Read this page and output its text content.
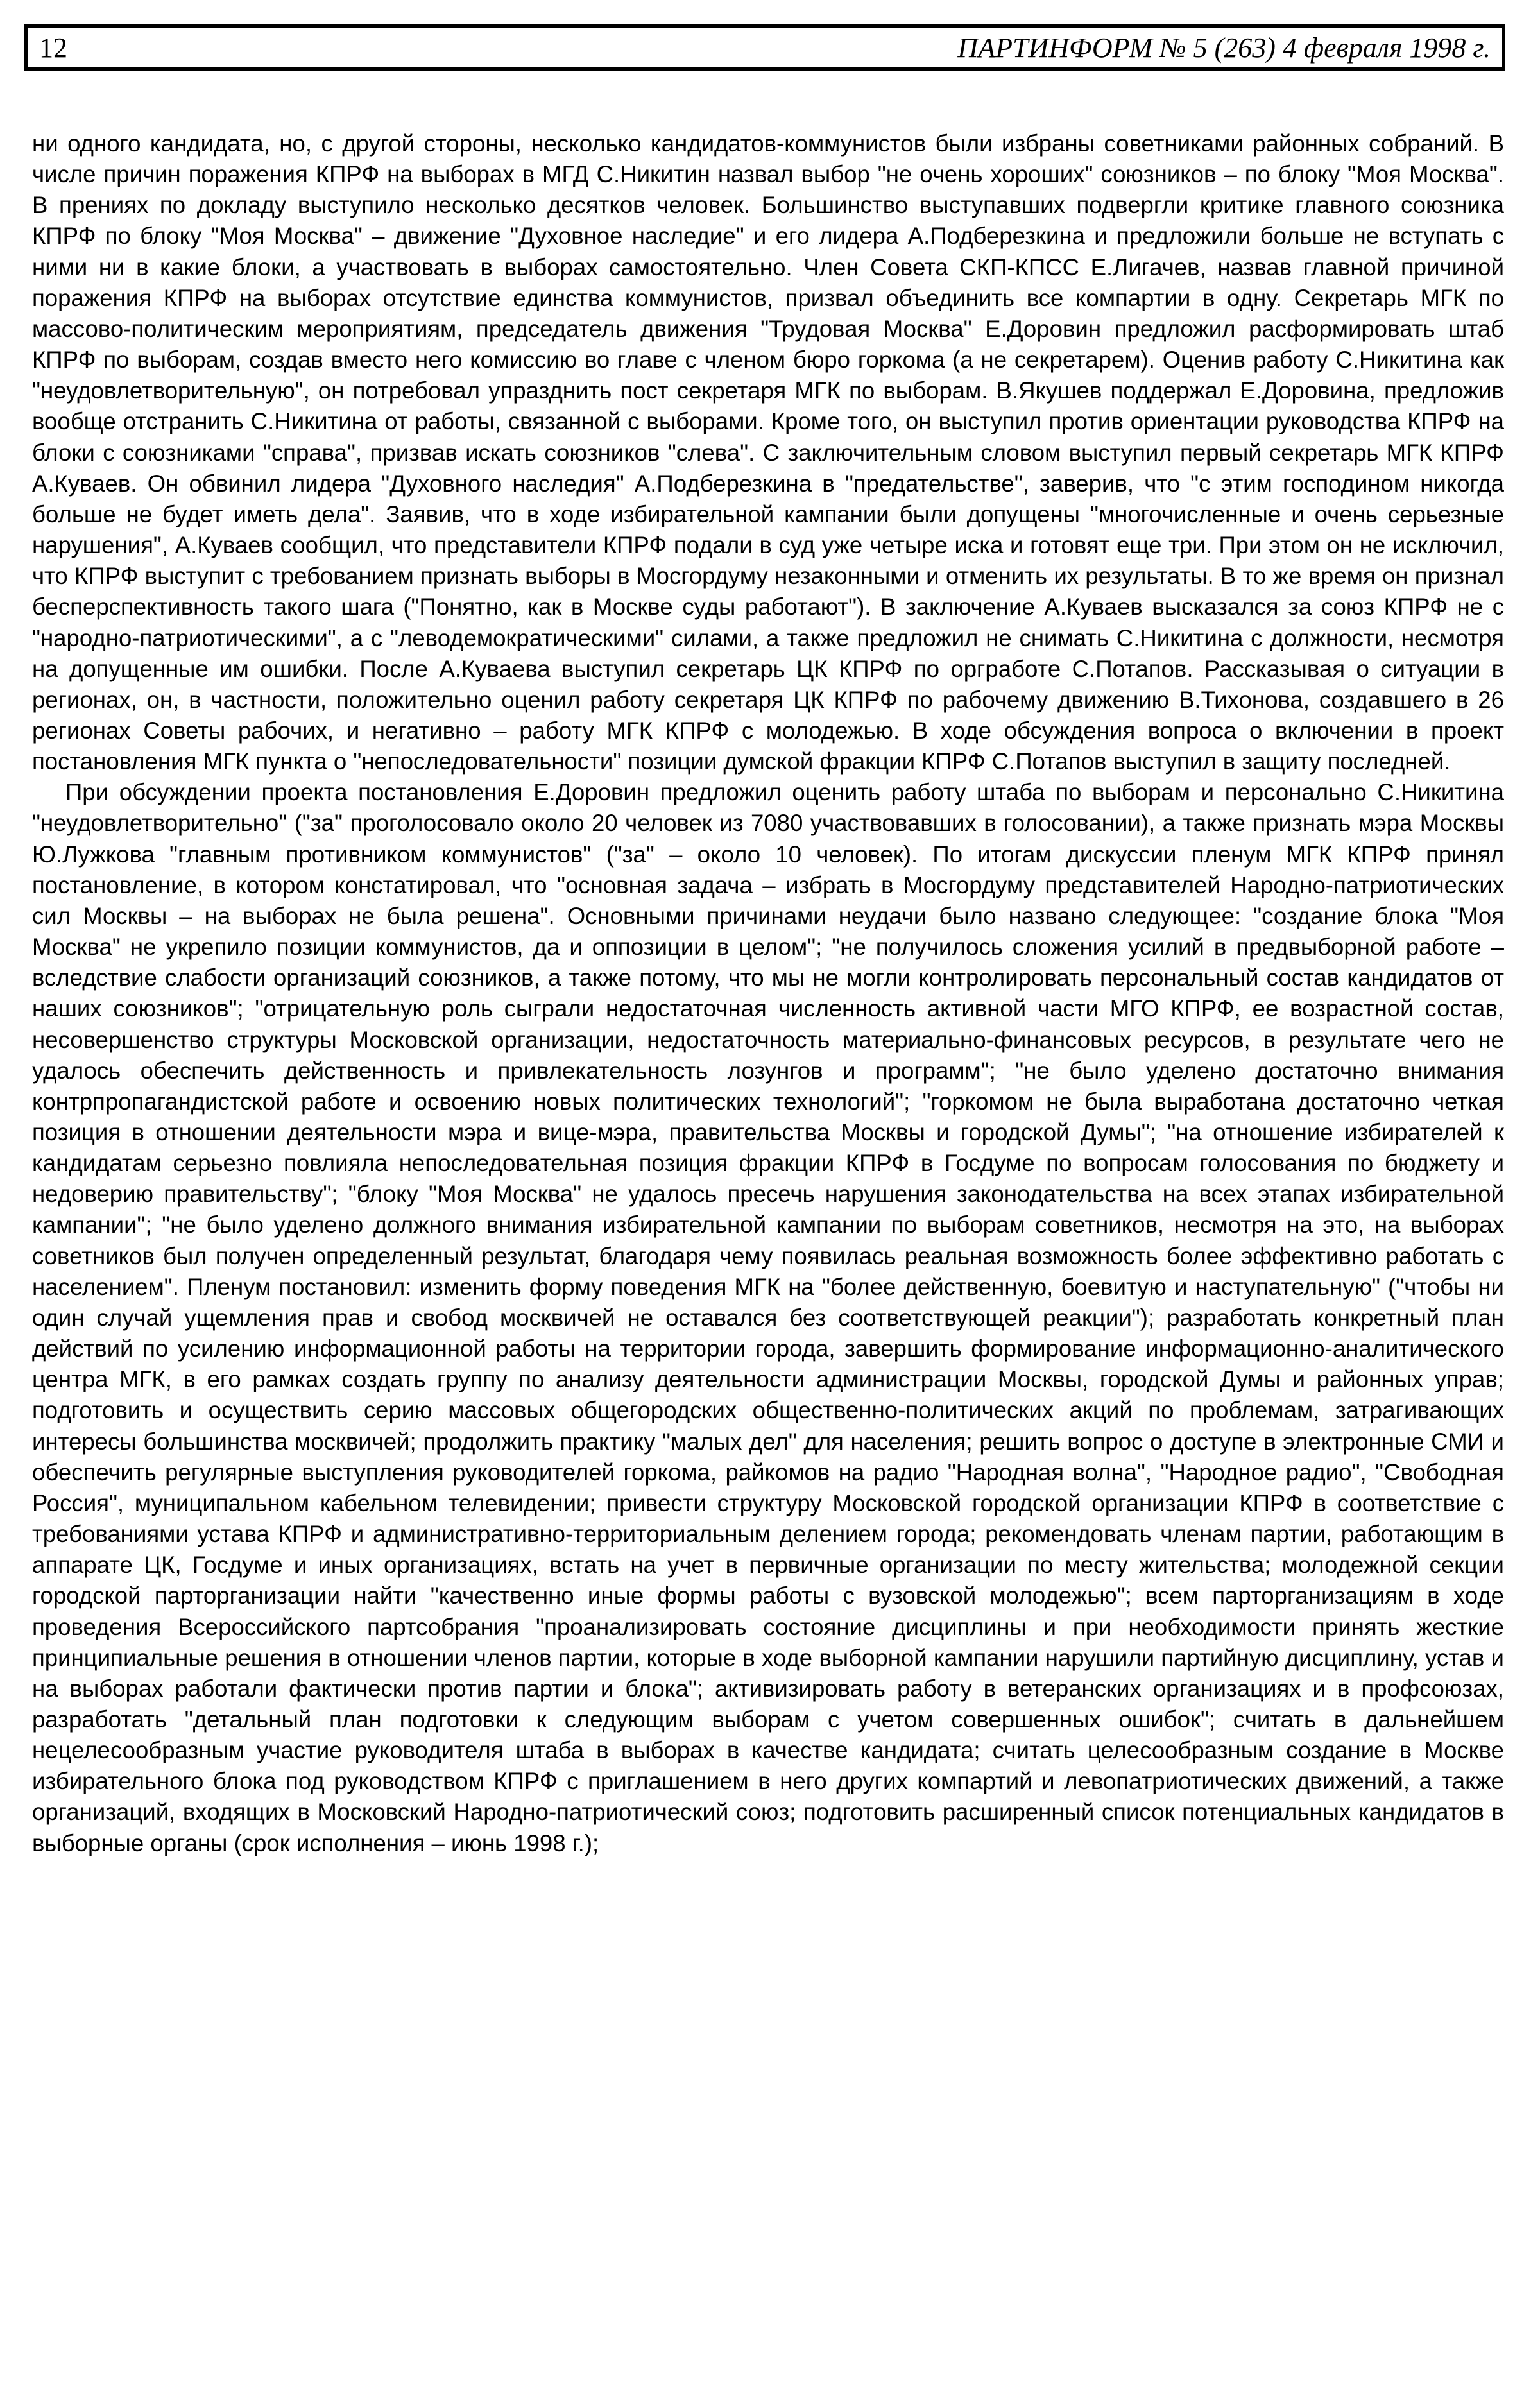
12	ПАРТИНФОРМ № 5 (263) 4 февраля 1998 г.

ни одного кандидата, но, с другой стороны, несколько кандидатов-коммунистов были избраны советниками районных собраний. В числе причин поражения КПРФ на выборах в МГД С.Никитин назвал выбор "не очень хороших" союзников – по блоку "Моя Москва". В прениях по докладу выступило несколько десятков человек. Большинство выступавших подвергли критике главного союзника КПРФ по блоку "Моя Москва" – движение "Духовное наследие" и его лидера А.Подберезкина и предложили больше не вступать с ними ни в какие блоки, а участвовать в выборах самостоятельно. Член Совета СКП-КПСС Е.Лигачев, назвав главной причиной поражения КПРФ на выборах отсутствие единства коммунистов, призвал объединить все компартии в одну. Секретарь МГК по массово-политическим мероприятиям, председатель движения "Трудовая Москва" Е.Доровин предложил расформировать штаб КПРФ по выборам, создав вместо него комиссию во главе с членом бюро горкома (а не секретарем). Оценив работу С.Никитина как "неудовлетворительную", он потребовал упразднить пост секретаря МГК по выборам. В.Якушев поддержал Е.Доровина, предложив вообще отстранить С.Никитина от работы, связанной с выборами. Кроме того, он выступил против ориентации руководства КПРФ на блоки с союзниками "справа", призвав искать союзников "слева". С заключительным словом выступил первый секретарь МГК КПРФ А.Куваев. Он обвинил лидера "Духовного наследия" А.Подберезкина в "предательстве", заверив, что "с этим господином никогда больше не будет иметь дела". Заявив, что в ходе избирательной кампании были допущены "многочисленные и очень серьезные нарушения", А.Куваев сообщил, что представители КПРФ подали в суд уже четыре иска и готовят еще три. При этом он не исключил, что КПРФ выступит с требованием признать выборы в Мосгордуму незаконными и отменить их результаты. В то же время он признал бесперспективность такого шага ("Понятно, как в Москве суды работают"). В заключение А.Куваев высказался за союз КПРФ не с "народно-патриотическими", а с "леводемократическими" силами, а также предложил не снимать С.Никитина с должности, несмотря на допущенные им ошибки. После А.Куваева выступил секретарь ЦК КПРФ по оргработе С.Потапов. Рассказывая о ситуации в регионах, он, в частности, положительно оценил работу секретаря ЦК КПРФ по рабочему движению В.Тихонова, создавшего в 26 регионах Советы рабочих, и негативно – работу МГК КПРФ с молодежью. В ходе обсуждения вопроса о включении в проект постановления МГК пункта о "непоследовательности" позиции думской фракции КПРФ С.Потапов выступил в защиту последней.

При обсуждении проекта постановления Е.Доровин предложил оценить работу штаба по выборам и персонально С.Никитина "неудовлетворительно" ("за" проголосовало около 20 человек из 7080 участвовавших в голосовании), а также признать мэра Москвы Ю.Лужкова "главным противником коммунистов" ("за" – около 10 человек). По итогам дискуссии пленум МГК КПРФ принял постановление, в котором констатировал, что "основная задача – избрать в Мосгордуму представителей Народно-патриотических сил Москвы – на выборах не была решена". Основными причинами неудачи было названо следующее: "создание блока "Моя Москва" не укрепило позиции коммунистов, да и оппозиции в целом"; "не получилось сложения усилий в предвыборной работе – вследствие слабости организаций союзников, а также потому, что мы не могли контролировать персональный состав кандидатов от наших союзников"; "отрицательную роль сыграли недостаточная численность активной части МГО КПРФ, ее возрастной состав, несовершенство структуры Московской организации, недостаточность материально-финансовых ресурсов, в результате чего не удалось обеспечить действенность и привлекательность лозунгов и программ"; "не было уделено достаточно внимания контрпропагандистской работе и освоению новых политических технологий"; "горкомом не была выработана достаточно четкая позиция в отношении деятельности мэра и вице-мэра, правительства Москвы и городской Думы"; "на отношение избирателей к кандидатам серьезно повлияла непоследовательная позиция фракции КПРФ в Госдуме по вопросам голосования по бюджету и недоверию правительству"; "блоку "Моя Москва" не удалось пресечь нарушения законодательства на всех этапах избирательной кампании"; "не было уделено должного внимания избирательной кампании по выборам советников, несмотря на это, на выборах советников был получен определенный результат, благодаря чему появилась реальная возможность более эффективно работать с населением". Пленум постановил: изменить форму поведения МГК на "более действенную, боевитую и наступательную" ("чтобы ни один случай ущемления прав и свобод москвичей не оставался без соответствующей реакции"); разработать конкретный план действий по усилению информационной работы на территории города, завершить формирование информационно-аналитического центра МГК, в его рамках создать группу по анализу деятельности администрации Москвы, городской Думы и районных управ; подготовить и осуществить серию массовых общегородских общественно-политических акций по проблемам, затрагивающих интересы большинства москвичей; продолжить практику "малых дел" для населения; решить вопрос о доступе в электронные СМИ и обеспечить регулярные выступления руководителей горкома, райкомов на радио "Народная волна", "Народное радио", "Свободная Россия", муниципальном кабельном телевидении; привести структуру Московской городской организации КПРФ в соответствие с требованиями устава КПРФ и административно-территориальным делением города; рекомендовать членам партии, работающим в аппарате ЦК, Госдуме и иных организациях, встать на учет в первичные организации по месту жительства; молодежной секции городской парторганизации найти "качественно иные формы работы с вузовской молодежью"; всем парторганизациям в ходе проведения Всероссийского партсобрания "проанализировать состояние дисциплины и при необходимости принять жесткие принципиальные решения в отношении членов партии, которые в ходе выборной кампании нарушили партийную дисциплину, устав и на выборах работали фактически против партии и блока"; активизировать работу в ветеранских организациях и в профсоюзах, разработать "детальный план подготовки к следующим выборам с учетом совершенных ошибок"; считать в дальнейшем нецелесообразным участие руководителя штаба в выборах в качестве кандидата; считать целесообразным создание в Москве избирательного блока под руководством КПРФ с приглашением в него других компартий и левопатриотических движений, а также организаций, входящих в Московский Народно-патриотический союз; подготовить расширенный список потенциальных кандидатов в выборные органы (срок исполнения – июнь 1998 г.);
